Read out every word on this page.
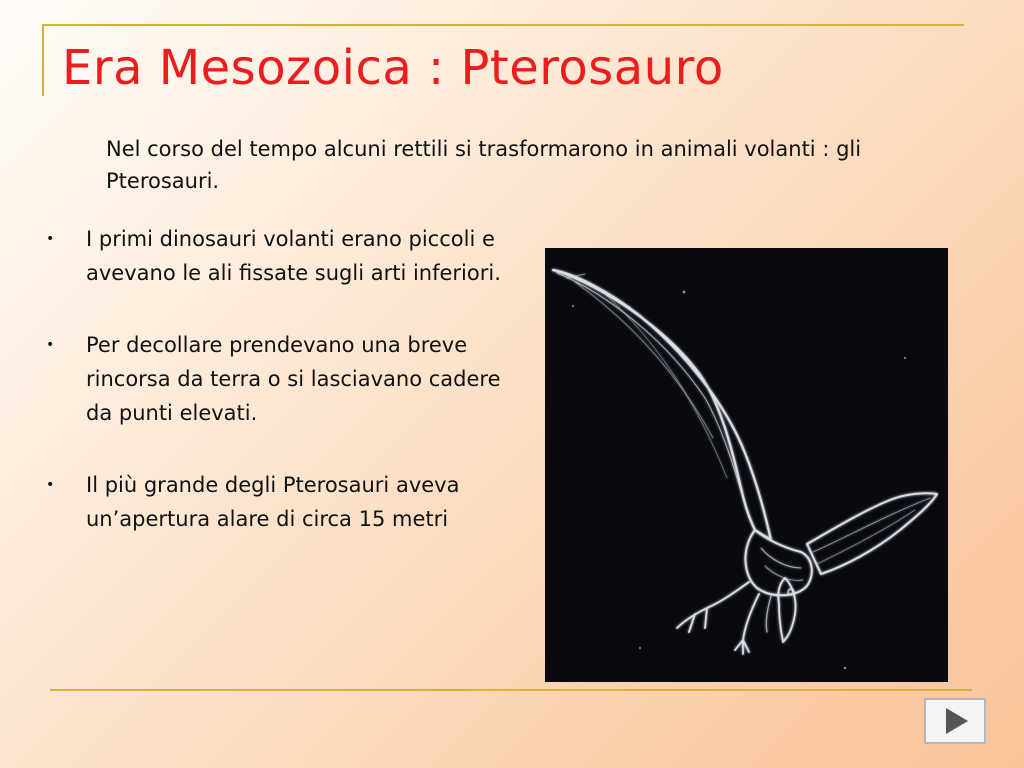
Era Mesozoica : Pterosauro
Nel corso del tempo alcuni rettili si trasformarono in animali volanti : gli Pterosauri.
• I primi dinosauri volanti erano piccoli e avevano le ali fissate sugli arti inferiori.
• Per decollare prendevano una breve rincorsa da terra o si lasciavano cadere da punti elevati.
• Il più grande degli Pterosauri aveva un’apertura alare di circa 15 metri
